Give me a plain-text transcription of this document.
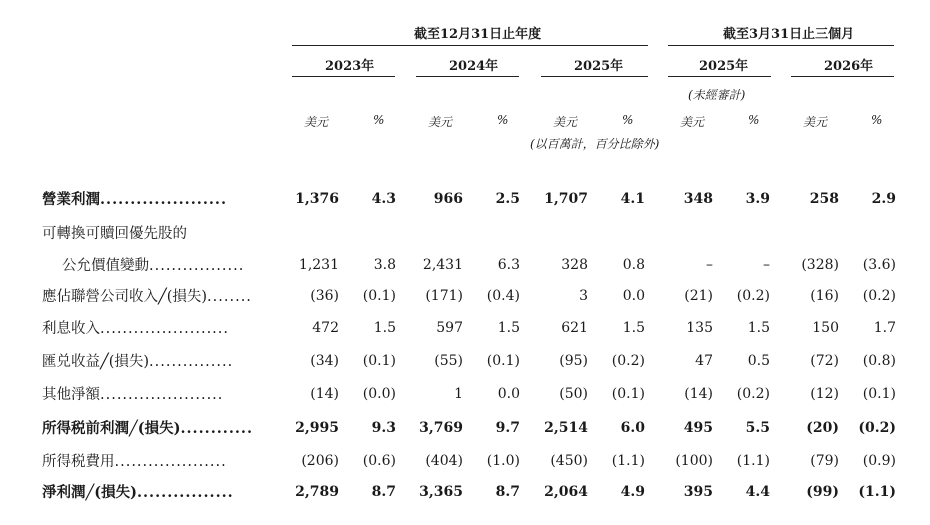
截至12月31日止年度	截至3月31日止三個月
2023年	2024年	2025年	2025年	2026年
(未經審計)
美元	%	美元	%	美元	%
(以百萬計，百分比除外)
美元	%	美元	%
營業利潤.....................	1,376	4.3	966	2.5	1,707	4.1	348	3.9	258	2.9
可轉換可贖回優先股的
公允價值變動.................	1,231	3.8	2,431	6.3	328	0.8	–	–	(328)	(3.6)
應佔聯營公司收入╱(損失)........	(36)	(0.1)	(171)	(0.4)	3	0.0	(21)	(0.2)	(16)	(0.2)
利息收入.......................	472	1.5	597	1.5	621	1.5	135	1.5	150	1.7
匯兑收益╱(損失)...............	(34)	(0.1)	(55)	(0.1)	(95)	(0.2)	47	0.5	(72)	(0.8)
其他淨額......................	(14)	(0.0)	1	0.0	(50)	(0.1)	(14)	(0.2)	(12)	(0.1)
所得税前利潤╱(損失)............	2,995	9.3	3,769	9.7	2,514	6.0	495	5.5	(20)	(0.2)
所得税費用....................	(206)	(0.6)	(404)	(1.0)	(450)	(1.1)	(100)	(1.1)	(79)	(0.9)
淨利潤╱(損失)................	2,789	8.7	3,365	8.7	2,064	4.9	395	4.4	(99)	(1.1)
